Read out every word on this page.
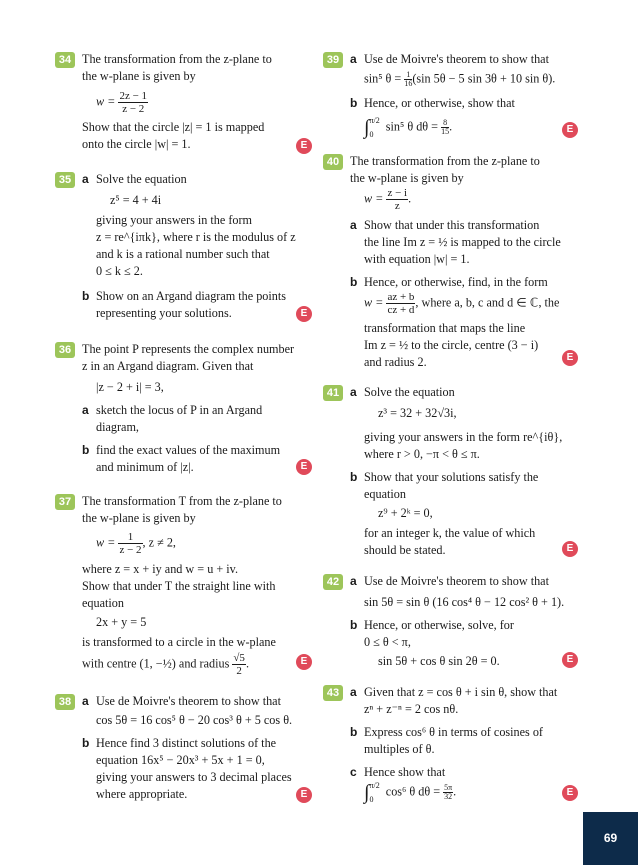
34 The transformation from the z-plane to
the w-plane is given by
$w = \frac{2z - 1}{z - 2}$
Show that the circle |z| = 1 is mapped
onto the circle |w| = 1.	E
35 a Solve the equation
z⁵ = 4 + 4i
giving your answers in the form
z = re^{iπk}, where r is the modulus of z
and k is a rational number such that
0 ≤ k ≤ 2.
b Show on an Argand diagram the points
representing your solutions.	E
36 The point P represents the complex number
z in an Argand diagram. Given that
|z − 2 + i| = 3,
a sketch the locus of P in an Argand
diagram,
b find the exact values of the maximum
and minimum of |z|.	E
37 The transformation T from the z-plane to
the w-plane is given by
$w = \frac{1}{z - 2}$ , z ≠ 2,
where z = x + iy and w = u + iv.
Show that under T the straight line with
equation
2x + y = 5
is transformed to a circle in the w-plane
with centre (1, −½) and radius $\frac{√5}{2}$ .	E
38 a Use de Moivre's theorem to show that
cos 5θ = 16 cos⁵ θ − 20 cos³ θ + 5 cos θ.
b Hence find 3 distinct solutions of the
equation 16x⁵ − 20x³ + 5x + 1 = 0,
giving your answers to 3 decimal places
where appropriate.	E
39 a Use de Moivre's theorem to show that
sin⁵ $\theta = \frac{1}{16} (\sin$ 5θ − 5 sin 3θ + 10 sin θ).
b Hence, or otherwise, show that
∫ π/2
0
sin⁵ θ $d\theta = \frac{8}{15}$ .	E
40 The transformation from the z-plane to
the w-plane is given by
$w = \frac{z - i}{z}$ .
a Show that under this transformation
the line Im z = ½ is mapped to the circle
with equation |w| = 1.
b Hence, or otherwise, find, in the form
$w = \frac{az + b}{cz + d}$ , where a, b, c and d ∈ ℂ, the
transformation that maps the line
Im z = ½ to the circle, centre (3 − i)
and radius 2.	E
41 a Solve the equation
z³ = 32 + 32√3i,
giving your answers in the form re^{iθ},
where r > 0, −π < θ ≤ π.
b Show that your solutions satisfy the
equation
z⁹ + 2ᵏ = 0,
for an integer k, the value of which
should be stated.	E
42 a Use de Moivre's theorem to show that
sin 5θ = sin θ (16 cos⁴ θ − 12 cos² θ + 1).
b Hence, or otherwise, solve, for
0 ≤ θ < π,
sin 5θ + cos θ sin 2θ = 0.	E
43 a Given that z = cos θ + i sin θ, show that
zⁿ + z⁻ⁿ = 2 cos nθ.
b Express cos⁶ θ in terms of cosines of
multiples of θ.
c Hence show that
∫ π/2
0
cos⁶ θ $d\theta = \frac{5\pi}{32}$ .	E
69
